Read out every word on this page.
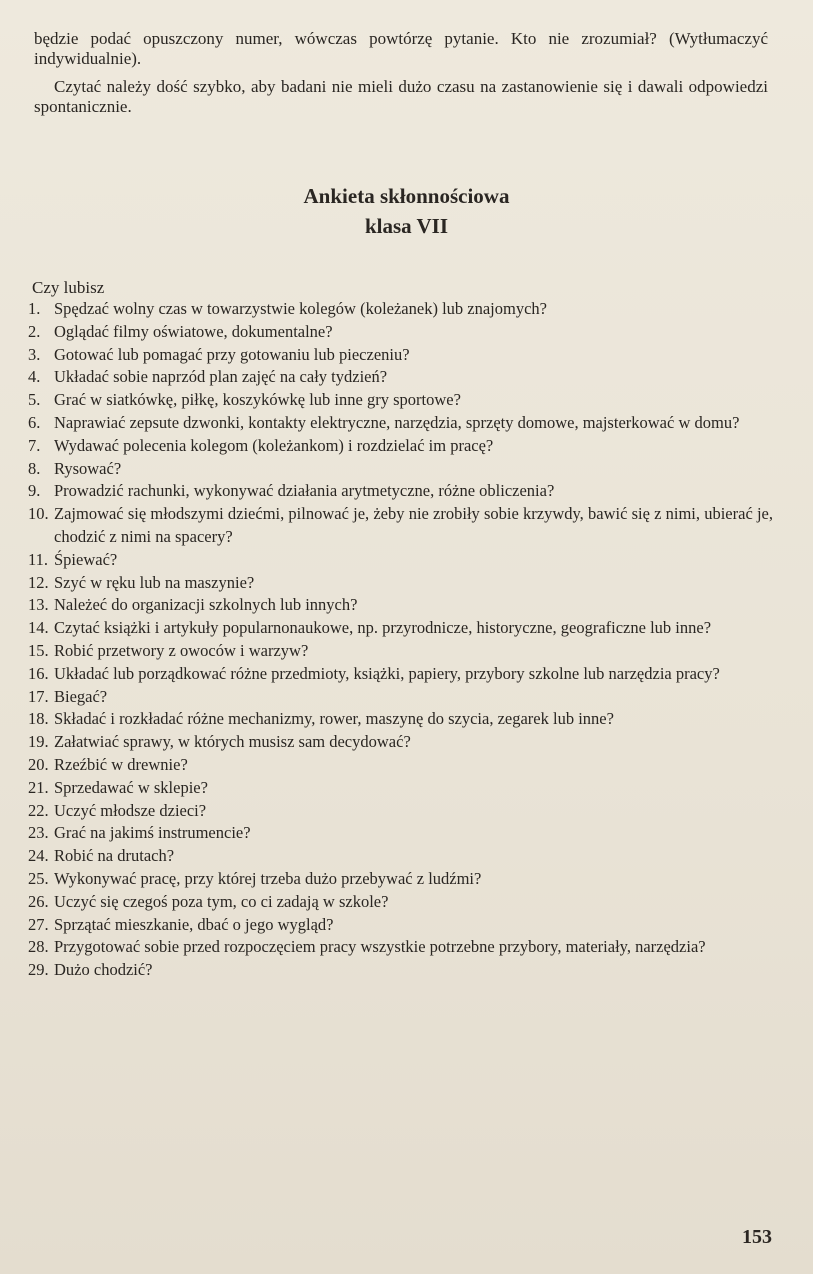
będzie podać opuszczony numer, wówczas powtórzę pytanie. Kto nie zrozumiał? (Wytłumaczyć indywidualnie).

Czytać należy dość szybko, aby badani nie mieli dużo czasu na zastanowienie się i dawali odpowiedzi spontanicznie.

Ankieta skłonnościowa
klasa VII
Czy lubisz
1. Spędzać wolny czas w towarzystwie kolegów (koleżanek) lub znajomych?
2. Oglądać filmy oświatowe, dokumentalne?
3. Gotować lub pomagać przy gotowaniu lub pieczeniu?
4. Układać sobie naprzód plan zajęć na cały tydzień?
5. Grać w siatkówkę, piłkę, koszykówkę lub inne gry sportowe?
6. Naprawiać zepsute dzwonki, kontakty elektryczne, narzędzia, sprzęty domowe, majsterkować w domu?
7. Wydawać polecenia kolegom (koleżankom) i rozdzielać im pracę?
8. Rysować?
9. Prowadzić rachunki, wykonywać działania arytmetyczne, różne obliczenia?
10. Zajmować się młodszymi dziećmi, pilnować je, żeby nie zrobiły sobie krzywdy, bawić się z nimi, ubierać je, chodzić z nimi na spacery?
11. Śpiewać?
12. Szyć w ręku lub na maszynie?
13. Należeć do organizacji szkolnych lub innych?
14. Czytać książki i artykuły popularnonaukowe, np. przyrodnicze, historyczne, geograficzne lub inne?
15. Robić przetwory z owoców i warzyw?
16. Układać lub porządkować różne przedmioty, książki, papiery, przybory szkolne lub narzędzia pracy?
17. Biegać?
18. Składać i rozkładać różne mechanizmy, rower, maszynę do szycia, zegarek lub inne?
19. Załatwiać sprawy, w których musisz sam decydować?
20. Rzeźbić w drewnie?
21. Sprzedawać w sklepie?
22. Uczyć młodsze dzieci?
23. Grać na jakimś instrumencie?
24. Robić na drutach?
25. Wykonywać pracę, przy której trzeba dużo przebywać z ludźmi?
26. Uczyć się czegoś poza tym, co ci zadają w szkole?
27. Sprzątać mieszkanie, dbać o jego wygląd?
28. Przygotować sobie przed rozpoczęciem pracy wszystkie potrzebne przybory, materiały, narzędzia?
29. Dużo chodzić?
153
